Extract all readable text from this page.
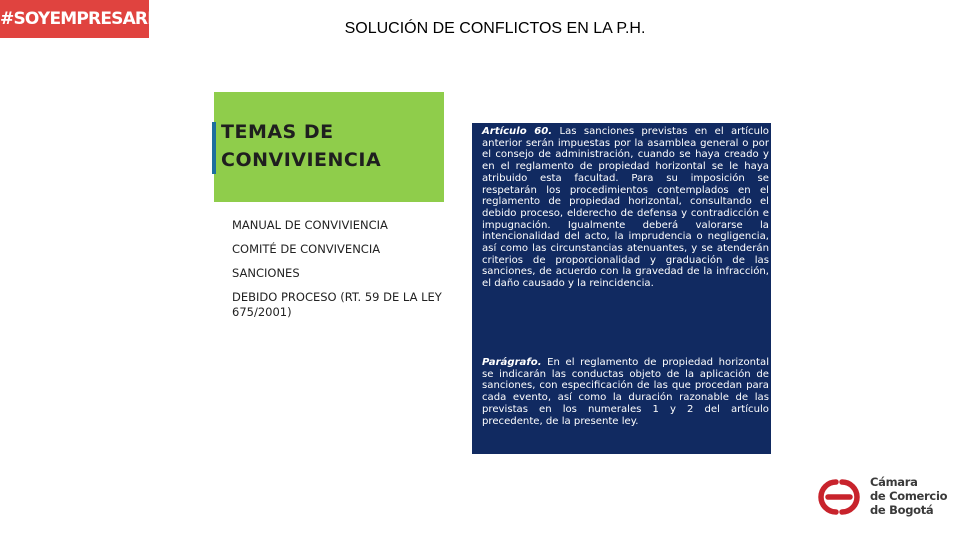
#SOYEMPRESARIO	SOLUCIÓN DE CONFLICTOS EN LA P.H.
TEMAS DE
CONVIVIENCIA
MANUAL DE CONVIVIENCIA
COMITÉ DE CONVIVENCIA
SANCIONES
DEBIDO PROCESO (RT. 59 DE LA LEY 675/2001)
Artículo 60. Las sanciones previstas en el artículo anterior serán impuestas por la asamblea general o por el consejo de administración, cuando se haya creado y en el reglamento de propiedad horizontal se le haya atribuido esta facultad. Para su imposición se respetarán los procedimientos contemplados en el reglamento de propiedad horizontal, consultando el debido proceso, elderecho de defensa y contradicción e impugnación. Igualmente deberá valorarse la intencionalidad del acto, la imprudencia o negligencia, así como las circunstancias atenuantes, y se atenderán criterios de proporcionalidad y graduación de las sanciones, de acuerdo con la gravedad de la infracción, el daño causado y la reincidencia.
Parágrafo. En el reglamento de propiedad horizontal se indicarán las conductas objeto de la aplicación de sanciones, con especificación de las que procedan para cada evento, así como la duración razonable de las previstas en los numerales 1 y 2 del artículo precedente, de la presente ley.
Cámara
de Comercio
de Bogotá
